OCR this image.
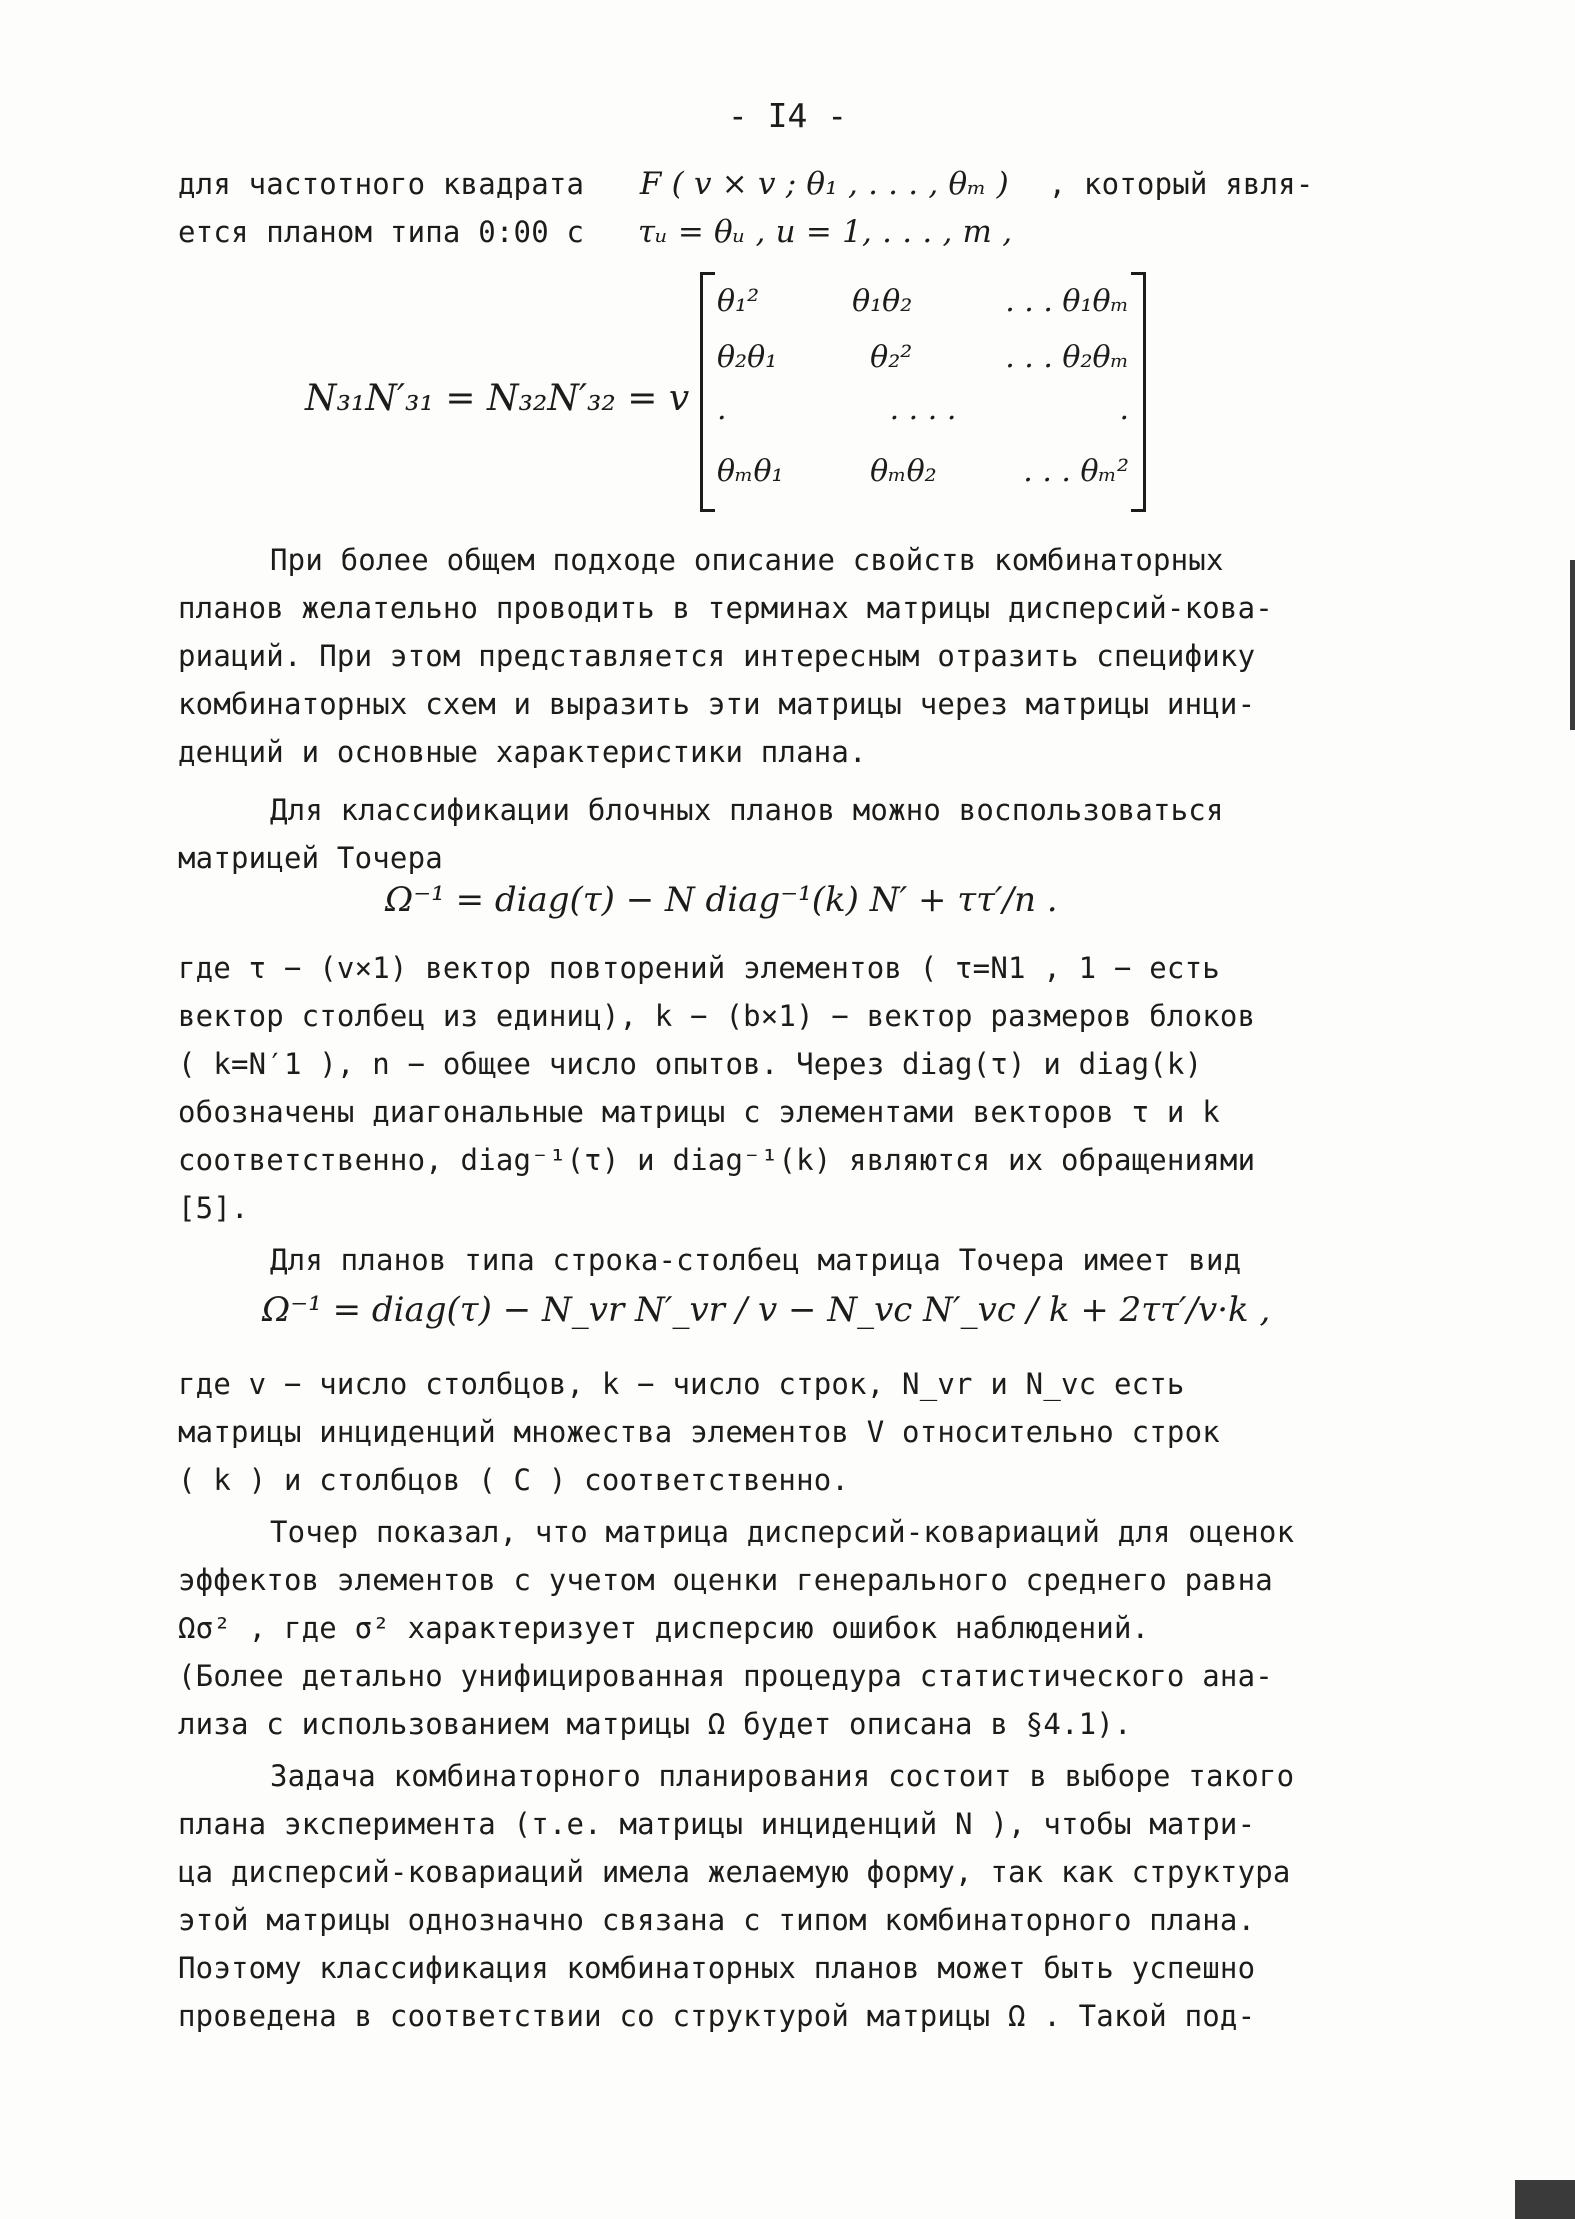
- I4 -
для частотного квадрата F ( v × v ; θ₁ , . . . , θₘ ) , который явля-
ется планом типа 0:00 с τᵤ = θᵤ , u = 1, . . . , m ,
N₃₁N′₃₁ = N₃₂N′₃₂ = v
θ₁²	θ₁θ₂	. . . θ₁θₘ
θ₂θ₁	θ₂²	. . . θ₂θₘ
.	. . . .	.
θₘθ₁	θₘθ₂	. . . θₘ²
При более общем подходе описание свойств комбинаторных
планов желательно проводить в терминах матрицы дисперсий-кова-
риаций. При этом представляется интересным отразить специфику
комбинаторных схем и выразить эти матрицы через матрицы инци-
денций и основные характеристики плана.
Для классификации блочных планов можно воспользоваться
матрицей Точера
Ω⁻¹ = diag(τ) − N diag⁻¹(k) N′ + ττ′/n .
где τ − (v×1) вектор повторений элементов ( τ=N1 , 1 − есть
вектор столбец из единиц), k − (b×1) − вектор размеров блоков
( k=N′1 ), n − общее число опытов. Через diag(τ) и diag(k)
обозначены диагональные матрицы с элементами векторов τ и k
соответственно, diag⁻¹(τ) и diag⁻¹(k) являются их обращениями
[5].
Для планов типа строка-столбец матрица Точера имеет вид
Ω⁻¹ = diag(τ) − N_vr N′_vr / v − N_vc N′_vc / k + 2ττ′/v·k ,
где v − число столбцов, k − число строк, N_vr и N_vc есть
матрицы инциденций множества элементов V относительно строк
( k ) и столбцов ( C ) соответственно.
Точер показал, что матрица дисперсий-ковариаций для оценок
эффектов элементов с учетом оценки генерального среднего равна
Ωσ² , где σ² характеризует дисперсию ошибок наблюдений.
(Более детально унифицированная процедура статистического ана-
лиза с использованием матрицы Ω будет описана в §4.1).
Задача комбинаторного планирования состоит в выборе такого
плана эксперимента (т.е. матрицы инциденций N ), чтобы матри-
ца дисперсий-ковариаций имела желаемую форму, так как структура
этой матрицы однозначно связана с типом комбинаторного плана.
Поэтому классификация комбинаторных планов может быть успешно
проведена в соответствии со структурой матрицы Ω . Такой под-
